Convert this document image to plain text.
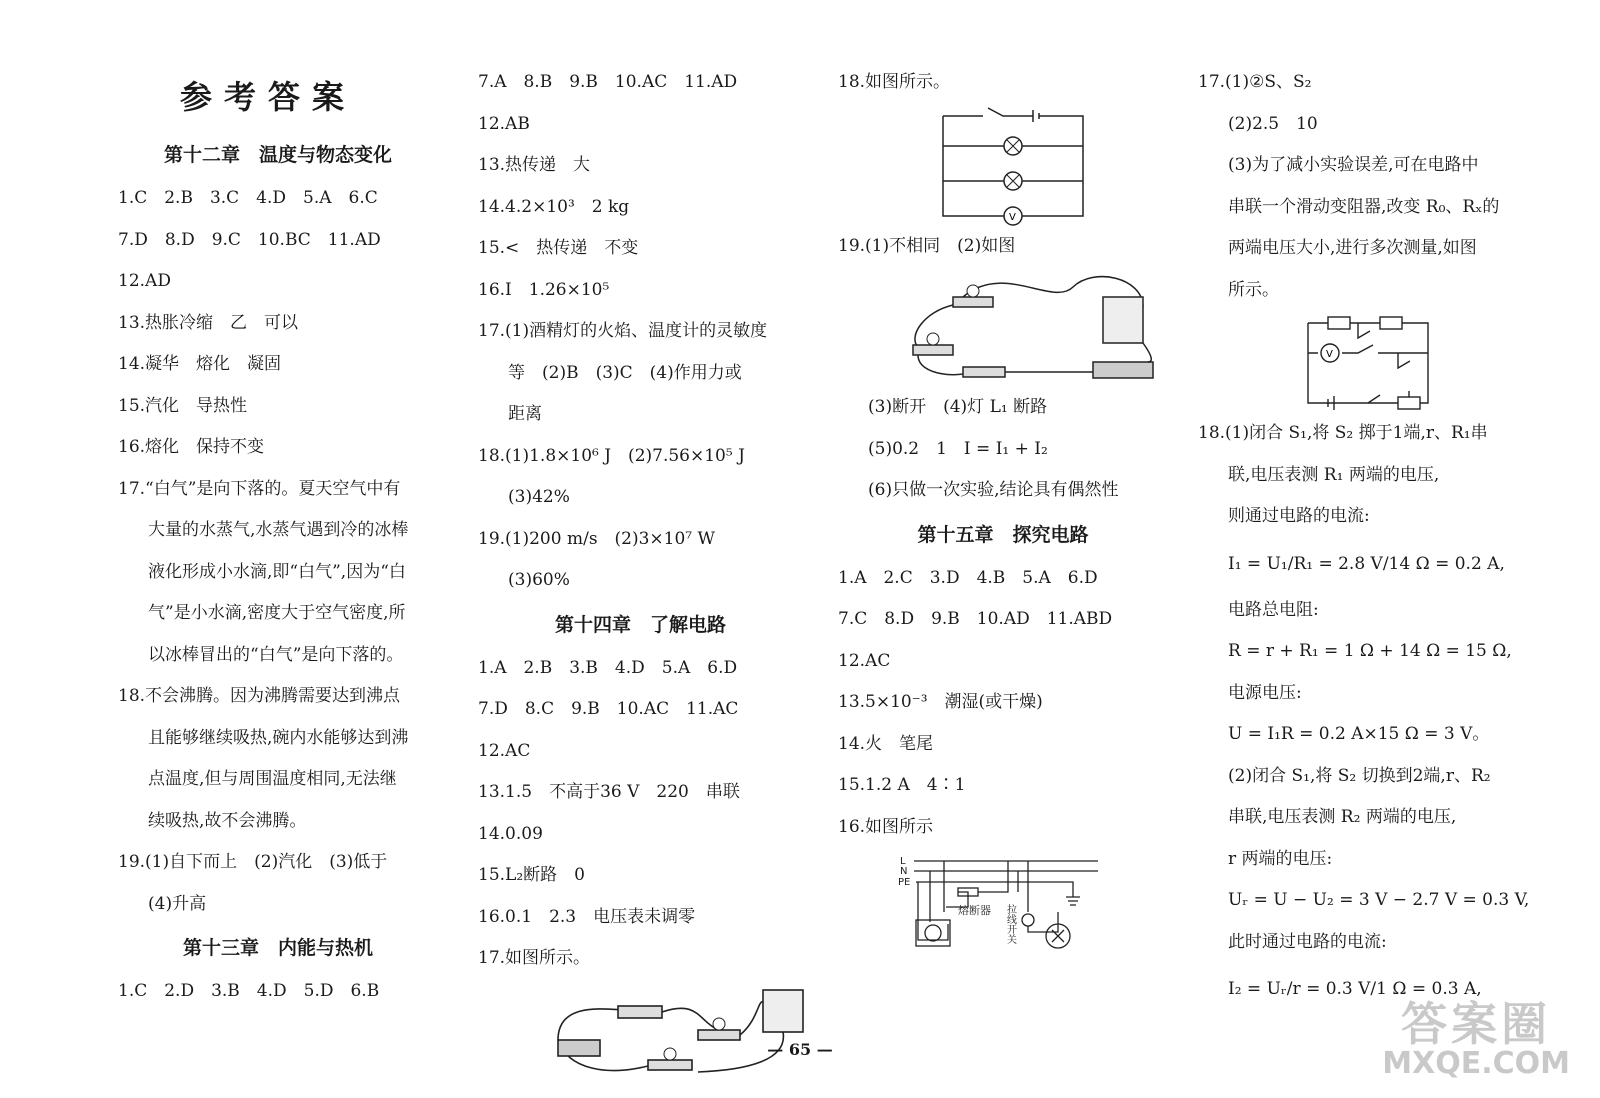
参考答案
第十二章　温度与物态变化
1.C　2.B　3.C　4.D　5.A　6.C
7.D　8.D　9.C　10.BC　11.AD
12.AD
13.热胀冷缩　乙　可以
14.凝华　熔化　凝固
15.汽化　导热性
16.熔化　保持不变
17.“白气”是向下落的。夏天空气中有
大量的水蒸气,水蒸气遇到冷的冰棒
液化形成小水滴,即“白气”,因为“白
气”是小水滴,密度大于空气密度,所
以冰棒冒出的“白气”是向下落的。
18.不会沸腾。因为沸腾需要达到沸点
且能够继续吸热,碗内水能够达到沸
点温度,但与周围温度相同,无法继
续吸热,故不会沸腾。
19.(1)自下而上　(2)汽化　(3)低于
(4)升高
第十三章　内能与热机
1.C　2.D　3.B　4.D　5.D　6.B
7.A　8.B　9.B　10.AC　11.AD
12.AB
13.热传递　大
14.4.2×10³　2 kg
15.<　热传递　不变
16.Ⅰ　1.26×10⁵
17.(1)酒精灯的火焰、温度计的灵敏度
等　(2)B　(3)C　(4)作用力或
距离
18.(1)1.8×10⁶ J　(2)7.56×10⁵ J
(3)42%
19.(1)200 m/s　(2)3×10⁷ W
(3)60%
第十四章　了解电路
1.A　2.B　3.B　4.D　5.A　6.D
7.D　8.C　9.B　10.AC　11.AC
12.AC
13.1.5　不高于36 V　220　串联
14.0.09
15.L₂断路　0
16.0.1　2.3　电压表未调零
17.如图所示。
18.如图所示。
V
19.(1)不相同　(2)如图
(3)断开　(4)灯 L₁ 断路
(5)0.2　1　I = I₁ + I₂
(6)只做一次实验,结论具有偶然性
第十五章　探究电路
1.A　2.C　3.D　4.B　5.A　6.D
7.C　8.D　9.B　10.AD　11.ABD
12.AC
13.5×10⁻³　潮湿(或干燥)
14.火　笔尾
15.1.2 A　4∶1
16.如图所示
L
N
PE
熔断器 拉线开关
17.(1)②S、S₂
(2)2.5　10
(3)为了减小实验误差,可在电路中
串联一个滑动变阻器,改变 R₀、Rₓ的
两端电压大小,进行多次测量,如图
所示。
V
18.(1)闭合 S₁,将 S₂ 掷于1端,r、R₁串
联,电压表测 R₁ 两端的电压,
则通过电路的电流:
I₁ = U₁/R₁ = 2.8 V/14 Ω = 0.2 A,
电路总电阻:
R = r + R₁ = 1 Ω + 14 Ω = 15 Ω,
电源电压:
U = I₁R = 0.2 A×15 Ω = 3 V。
(2)闭合 S₁,将 S₂ 切换到2端,r、R₂
串联,电压表测 R₂ 两端的电压,
r 两端的电压:
Uᵣ = U − U₂ = 3 V − 2.7 V = 0.3 V,
此时通过电路的电流:
I₂ = Uᵣ/r = 0.3 V/1 Ω = 0.3 A,
— 65 —	答案圈
MXQE.COM
